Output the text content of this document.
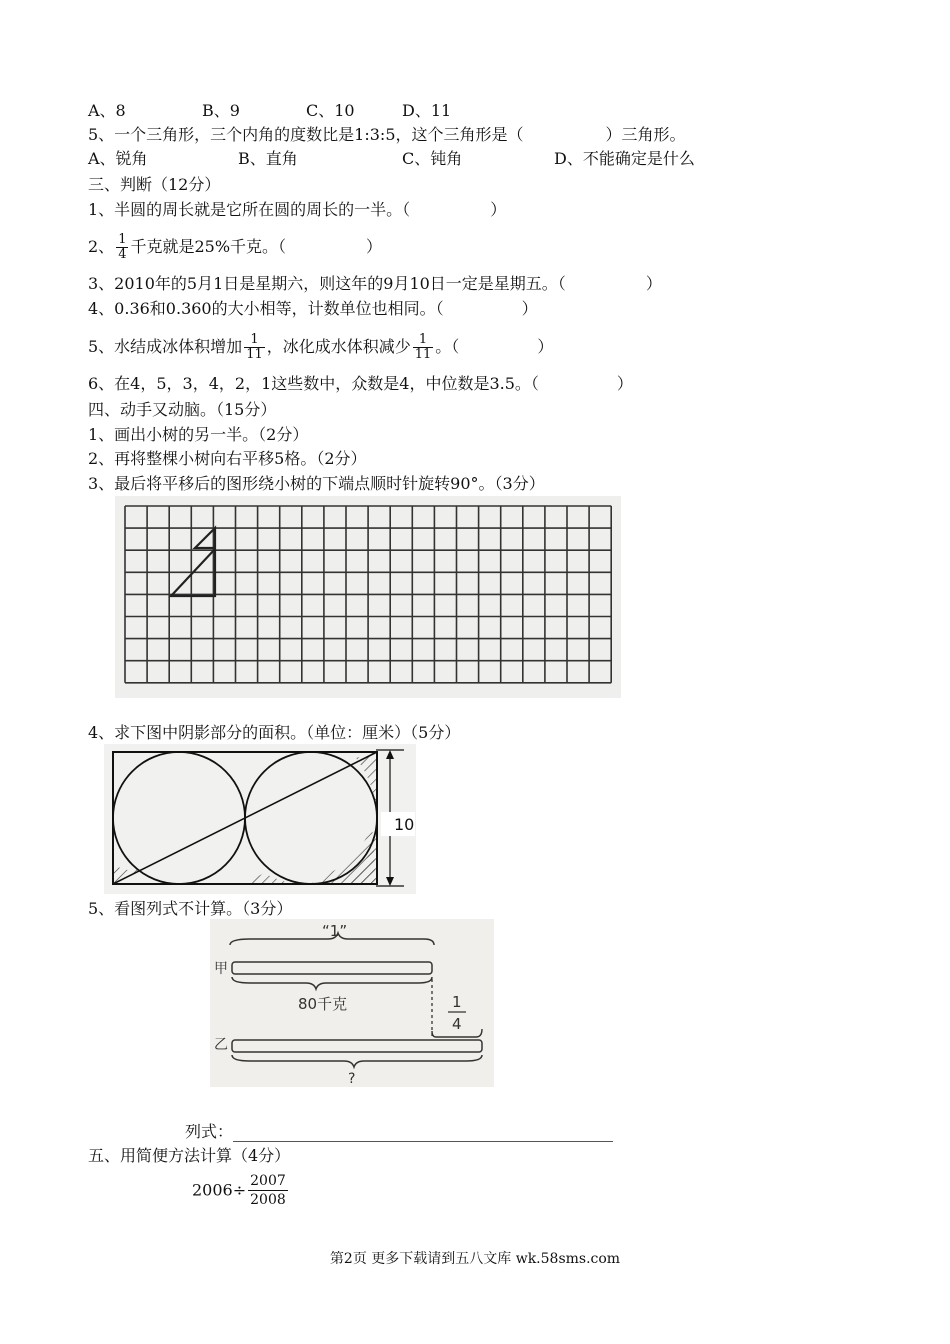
A、8	B、9	C、10	D、11
5、一个三角形，三个内角的度数比是1:3:5，这个三角形是（	）三角形。
A、锐角	B、直角	C、钝角	D、不能确定是什么
三、判断（12分）
1、半圆的周长就是它所在圆的周长的一半。（	）
2、 $\frac{1}{4}$ 千克就是25%千克。（	）
3、2010年的5月1日是星期六，则这年的9月10日一定是星期五。（	）
4、0.36和0.360的大小相等，计数单位也相同。（	）
5、水结成冰体积增加 $\frac{1}{11}$ ，冰化成水体积减少 $\frac{1}{11}$ 。（	）
6、在4，5，3，4，2，1这些数中，众数是4，中位数是3.5。（	）
四、动手又动脑。（15分）
1、画出小树的另一半。（2分）
2、再将整棵小树向右平移5格。（2分）
3、最后将平移后的图形绕小树的下端点顺时针旋转90°。（3分）
4、求下图中阴影部分的面积。（单位：厘米）（5分）
10
5、看图列式不计算。（3分）
“1”
甲
80千克	1
4
乙
?
列式：
五、用简便方法计算（4分）
$2006\div \frac{2007}{2008}$
第2页 更多下载请到五八文库 wk.58sms.com
